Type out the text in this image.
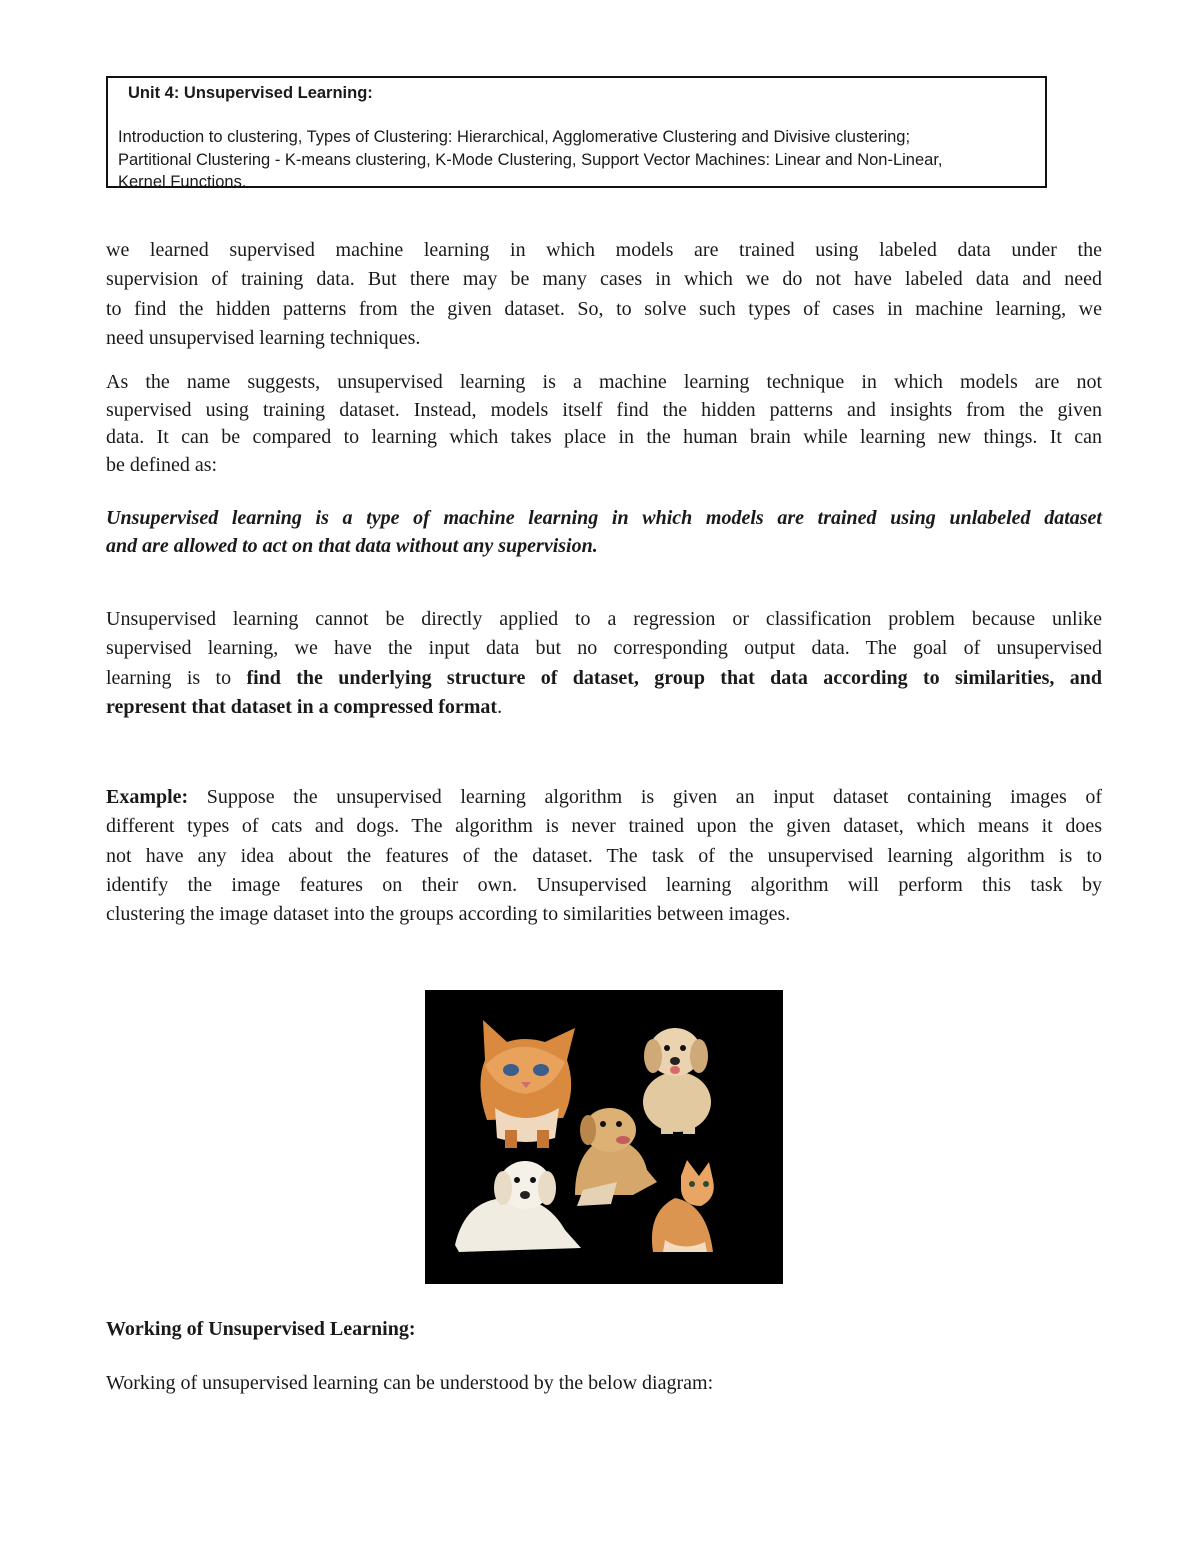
Unit 4: Unsupervised Learning:
Introduction to clustering, Types of Clustering: Hierarchical, Agglomerative Clustering and Divisive clustering;
Partitional Clustering - K-means clustering, K-Mode Clustering, Support Vector Machines: Linear and Non-Linear,
Kernel Functions.
we learned supervised machine learning in which models are trained using labeled data under the
supervision of training data. But there may be many cases in which we do not have labeled data and need
to find the hidden patterns from the given dataset. So, to solve such types of cases in machine learning, we
need unsupervised learning techniques.
As the name suggests, unsupervised learning is a machine learning technique in which models are not
supervised using training dataset. Instead, models itself find the hidden patterns and insights from the given
data. It can be compared to learning which takes place in the human brain while learning new things. It can
be defined as:
Unsupervised learning is a type of machine learning in which models are trained using unlabeled dataset
and are allowed to act on that data without any supervision.
Unsupervised learning cannot be directly applied to a regression or classification problem because unlike
supervised learning, we have the input data but no corresponding output data. The goal of unsupervised
learning is to find the underlying structure of dataset, group that data according to similarities, and
represent that dataset in a compressed format.
Example: Suppose the unsupervised learning algorithm is given an input dataset containing images of
different types of cats and dogs. The algorithm is never trained upon the given dataset, which means it does
not have any idea about the features of the dataset. The task of the unsupervised learning algorithm is to
identify the image features on their own. Unsupervised learning algorithm will perform this task by
clustering the image dataset into the groups according to similarities between images.
Working of Unsupervised Learning:
Working of unsupervised learning can be understood by the below diagram:
